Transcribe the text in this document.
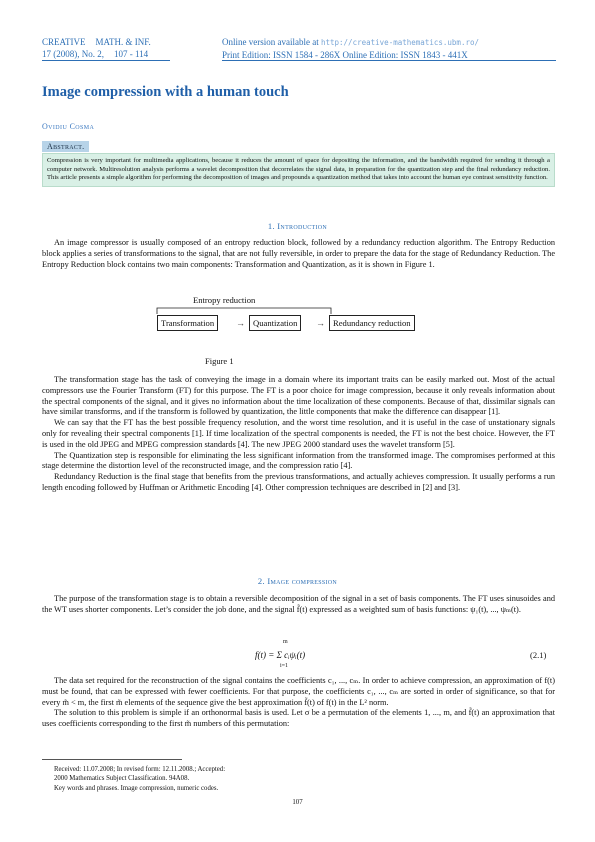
CREATIVE MATH. & INF.
17 (2008), No. 2, 107 - 114
Online version available at http://creative-mathematics.ubm.ro/
Print Edition: ISSN 1584 - 286X Online Edition: ISSN 1843 - 441X
Image compression with a human touch
Ovidiu Cosma
Abstract.
Compression is very important for multimedia applications, because it reduces the amount of space for depositing the information, and the bandwidth required for sending it through a computer network. Multiresolution analysis performs a wavelet decomposition that decorrelates the signal data, in preparation for the quantization step and the final redundancy reduction. This article presents a simple algorithm for performing the decomposition of images and propounds a quantization method that takes into account the human eye contrast sensitivity function.
1. Introduction

An image compressor is usually composed of an entropy reduction block, followed by a redundancy reduction algorithm. The Entropy Reduction block applies a series of transformations to the signal, that are not fully reversible, in order to prepare the data for the stage of Redundancy Reduction. The Entropy Reduction block contains two main components: Transformation and Quantization, as it is shown in Figure 1.

Entropy reduction
Transformation	→ Quantization	→ Redundancy reduction
Figure 1

The transformation stage has the task of conveying the image in a domain where its important traits can be easily marked out. Most of the actual compressors use the Fourier Transform (FT) for this purpose. The FT is a poor choice for image compression, because it only reveals information about the spectral components of the signal, and it gives no information about the time localization of these components. Because of that, dissimilar signals can have similar transforms, and if the transform is followed by quantization, the little components that make the difference can disappear [1].

We can say that the FT has the best possible frequency resolution, and the worst time resolution, and it is useful in the case of unstationary signals only for revealing their spectral components [1]. If time localization of the spectral components is needed, the FT is not the best choice. However, the FT is used in the old JPEG and MPEG compression standards [4]. The new JPEG 2000 standard uses the wavelet transform [5].

The Quantization step is responsible for eliminating the less significant information from the transformed image. The compromises performed at this stage determine the distortion level of the reconstructed image, and the compression ratio [4].

Redundancy Reduction is the final stage that benefits from the previous transformations, and actually achieves compression. It usually performs a run length encoding followed by Huffman or Arithmetic Encoding [4]. Other compression techniques are described in [2] and [3].

2. Image compression

The purpose of the transformation stage is to obtain a reversible decomposition of the signal in a set of basis components. The FT uses sinusoides and the WT uses shorter components. Let’s consider the job done, and the signal f̃(t) expressed as a weighted sum of basis functions: ψ₁(t), ..., ψₘ(t).

m
f(t) = Σ cᵢψᵢ(t)
i=1
(2.1)

The data set required for the reconstruction of the signal contains the coefficients c₁, ..., cₘ. In order to achieve compression, an approximation of f(t) must be found, that can be expressed with fewer coefficients. For that purpose, the coefficients c₁, ..., cₘ are sorted in order of significance, so that for every m̃ < m, the first m̃ elements of the sequence give the best approximation f̃(t) of f(t) in the L² norm.

The solution to this problem is simple if an orthonormal basis is used. Let σ be a permutation of the elements 1, ..., m, and f̃(t) an approximation that uses coefficients corresponding to the first m̃ numbers of this permutation:

Received: 11.07.2008; In revised form: 12.11.2008.; Accepted:
2000 Mathematics Subject Classification. 94A08.
Key words and phrases. Image compression, numeric codes.
107
